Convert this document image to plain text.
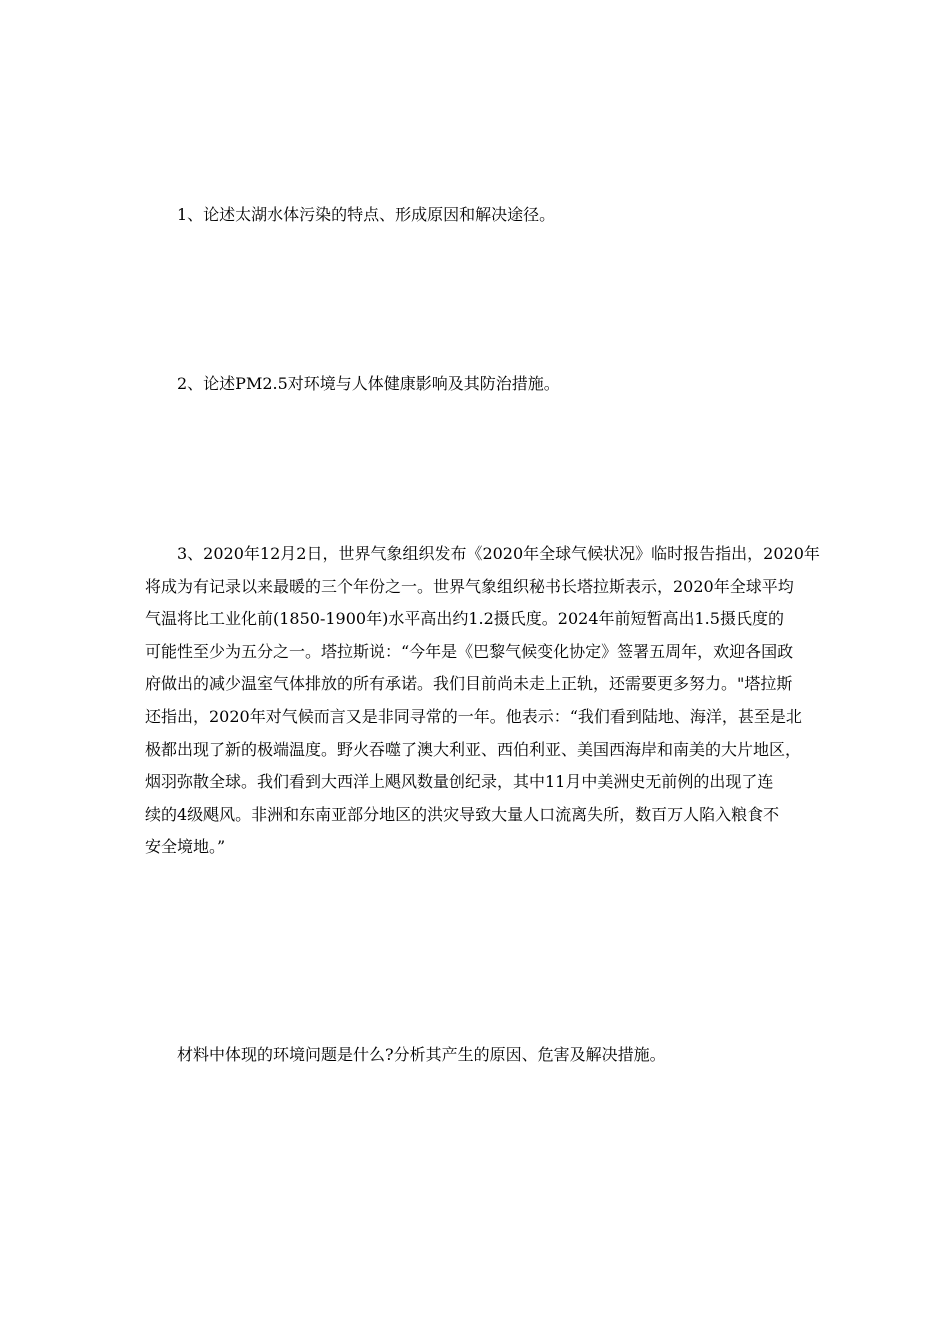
1、论述太湖水体污染的特点、形成原因和解决途径。

2、论述PM2.5对环境与人体健康影响及其防治措施。

3、2020年12月2日，世界气象组织发布《2020年全球气候状况》临时报告指出，2020年
将成为有记录以来最暖的三个年份之一。世界气象组织秘书长塔拉斯表示，2020年全球平均
气温将比工业化前(1850-1900年)水平高出约1.2摄氏度。2024年前短暂高出1.5摄氏度的
可能性至少为五分之一。塔拉斯说：“今年是《巴黎气候变化协定》签署五周年，欢迎各国政
府做出的减少温室气体排放的所有承诺。我们目前尚未走上正轨，还需要更多努力。"塔拉斯
还指出，2020年对气候而言又是非同寻常的一年。他表示：“我们看到陆地、海洋，甚至是北
极都出现了新的极端温度。野火吞噬了澳大利亚、西伯利亚、美国西海岸和南美的大片地区，
烟羽弥散全球。我们看到大西洋上飓风数量创纪录，其中11月中美洲史无前例的出现了连
续的4级飓风。非洲和东南亚部分地区的洪灾导致大量人口流离失所，数百万人陷入粮食不
安全境地。”

材料中体现的环境问题是什么?分析其产生的原因、危害及解决措施。
